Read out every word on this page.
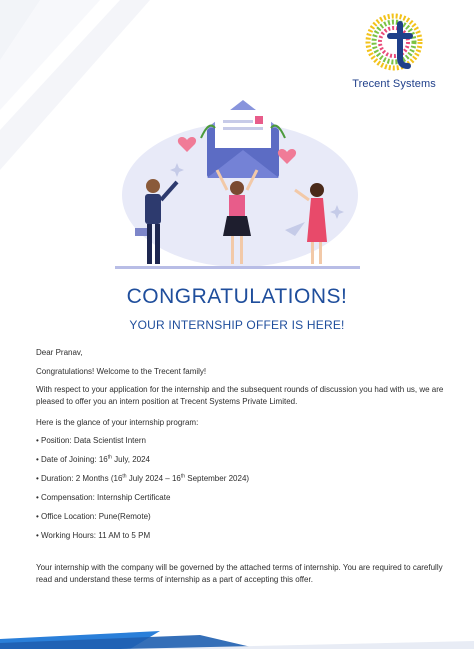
Trecent Systems
CONGRATULATIONS!
YOUR INTERNSHIP OFFER IS HERE!

Dear Pranav,

Congratulations! Welcome to the Trecent family!

With respect to your application for the internship and the subsequent rounds of discussion you had with us, we are pleased to offer you an intern position at Trecent Systems Private Limited.

Here is the glance of your internship program:

• Position: Data Scientist Intern

• Date of Joining: 16th July, 2024

• Duration: 2 Months (16th July 2024 – 16th September 2024)

• Compensation: Internship Certificate

• Office Location: Pune(Remote)

• Working Hours: 11 AM to 5 PM

Your internship with the company will be governed by the attached terms of internship. You are required to carefully read and understand these terms of internship as a part of accepting this offer.
